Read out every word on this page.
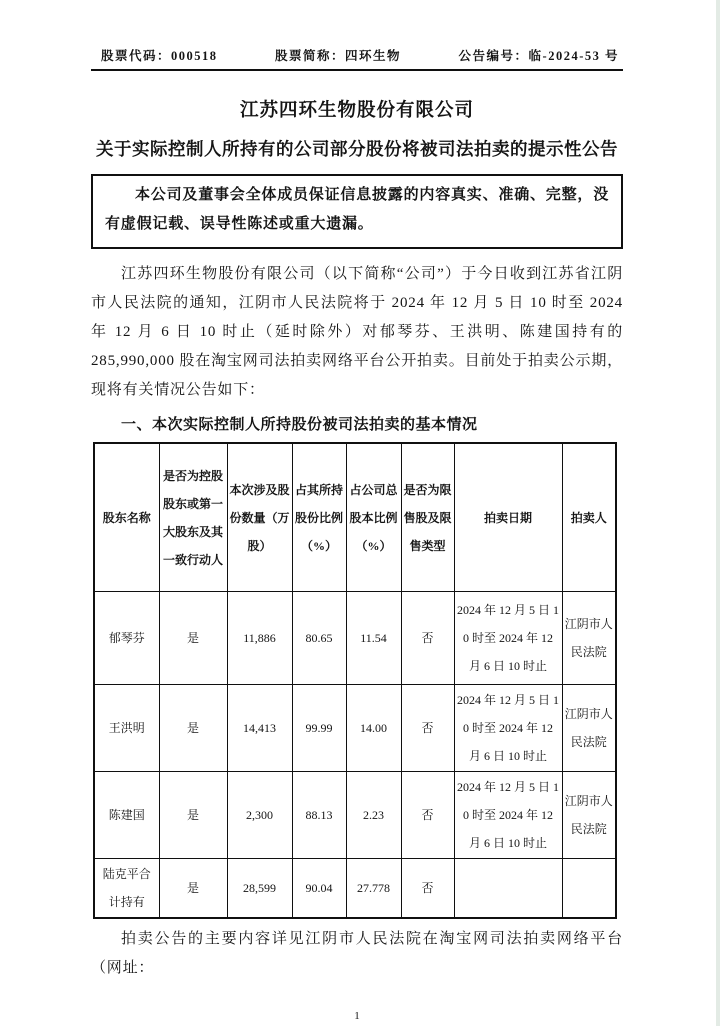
股票代码：000518	股票简称：四环生物	公告编号：临-2024-53 号
江苏四环生物股份有限公司
关于实际控制人所持有的公司部分股份将被司法拍卖的提示性公告

本公司及董事会全体成员保证信息披露的内容真实、准确、完整，没有虚假记载、误导性陈述或重大遗漏。

江苏四环生物股份有限公司（以下简称“公司”）于今日收到江苏省江阴市人民法院的通知，江阴市人民法院将于 2024 年 12 月 5 日 10 时至 2024 年 12 月 6 日 10 时止（延时除外）对郁琴芬、王洪明、陈建国持有的 285,990,000 股在淘宝网司法拍卖网络平台公开拍卖。目前处于拍卖公示期，现将有关情况公告如下：

一、本次实际控制人所持股份被司法拍卖的基本情况

股东名称	是否为控股股东或第一大股东及其一致行动人	本次涉及股份数量（万股）	占其所持股份比例（%）	占公司总股本比例（%）	是否为限售股及限售类型	拍卖日期	拍卖人
郁琴芬	是	11,886	80.65	11.54	否	2024 年 12 月 5 日 10 时至 2024 年 12 月 6 日 10 时止	江阴市人民法院
王洪明	是	14,413	99.99	14.00	否	2024 年 12 月 5 日 10 时至 2024 年 12 月 6 日 10 时止	江阴市人民法院
陈建国	是	2,300	88.13	2.23	否	2024 年 12 月 5 日 10 时至 2024 年 12 月 6 日 10 时止	江阴市人民法院
陆克平合计持有	是	28,599	90.04	27.778	否		

拍卖公告的主要内容详见江阴市人民法院在淘宝网司法拍卖网络平台（网址：

1
